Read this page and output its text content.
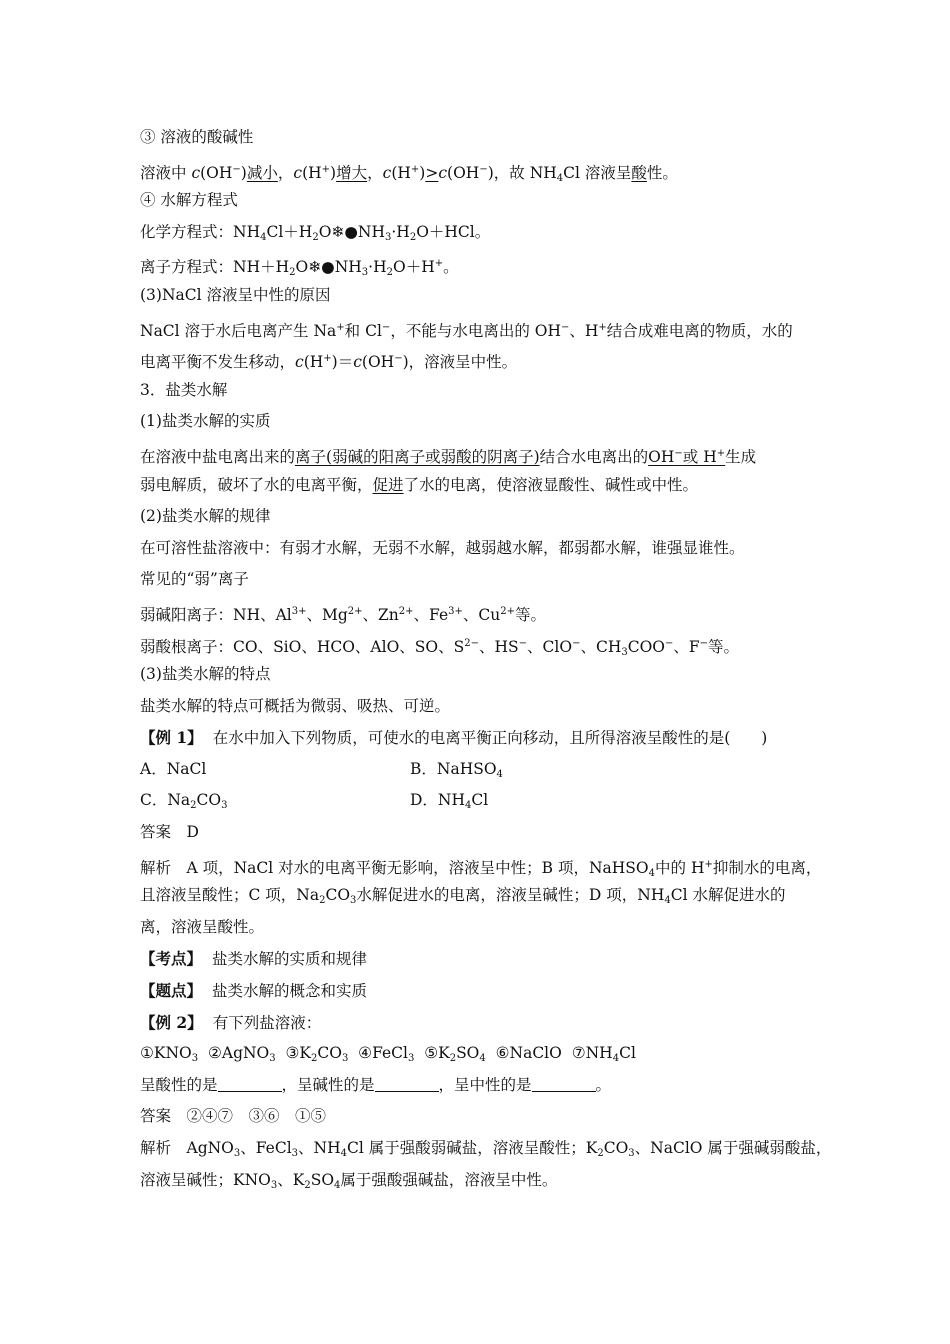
③ 溶液的酸碱性
溶液中 c(OH−)减小，c(H+)增大，c(H+)>c(OH−)，故 $NH_4Cl$ 溶液呈酸性。
④ 水解方程式
化学方程式：$NH_4Cl+H_2O❄●NH_3\cdot H_2O+HCl$。
离子方程式：$NH+H_2O❄●NH_3\cdot H_2O+H^+$。
(3)NaCl 溶液呈中性的原因
NaCl 溶于水后电离产生 Na+和 Cl−，不能与水电离出的 OH−、H+结合成难电离的物质，水的
电离平衡不发生移动，c(H+)＝c(OH−)，溶液呈中性。
3．盐类水解
(1)盐类水解的实质
在溶液中盐电离出来的离子(弱碱的阳离子或弱酸的阴离子)结合水电离出的OH−或 H+生成
弱电解质，破坏了水的电离平衡，促进了水的电离，使溶液显酸性、碱性或中性。
(2)盐类水解的规律
在可溶性盐溶液中：有弱才水解，无弱不水解，越弱越水解，都弱都水解，谁强显谁性。
常见的“弱”离子
弱碱阳离子：NH、$Al^{3+}$、$Mg^{2+}$、$Zn^{2+}$、$Fe^{3+}$、$Cu^{2+}$等。
弱酸根离子：CO、SiO、HCO、AlO、SO、$S^{2-}$、HS−、ClO−、$CH_3COO^-$、F−等。
(3)盐类水解的特点
盐类水解的特点可概括为微弱、吸热、可逆。
【例 1】 在水中加入下列物质，可使水的电离平衡正向移动，且所得溶液呈酸性的是(　　)
A．NaCl	B．NaHSO$_4$
C．$Na_2CO_3$	D．$NH_4Cl$
答案　D
解析　A 项，NaCl 对水的电离平衡无影响，溶液呈中性；B 项，NaHSO$_4$中的 H+抑制水的电离，
且溶液呈酸性；C 项，$Na_2CO_3$水解促进水的电离，溶液呈碱性；D 项，$NH_4Cl$ 水解促进水的
离，溶液呈酸性。
【考点】 盐类水解的实质和规律
【题点】 盐类水解的概念和实质
【例 2】 有下列盐溶液：
$①KNO_3$ ②AgNO$_3$ $③K_2CO_3$ ④FeCl$_3$ $⑤K_2SO_4$ ⑥NaClO $⑦NH_4Cl$
呈酸性的是	，呈碱性的是	，呈中性的是	。
答案　②④⑦　③⑥　①⑤
解析　AgNO$_3$、FeCl$_3$、$NH_4Cl$ 属于强酸弱碱盐，溶液呈酸性；$K_2CO_3$、NaClO 属于强碱弱酸盐，
溶液呈碱性；$KNO_3$、$K_2SO_4$属于强酸强碱盐，溶液呈中性。
